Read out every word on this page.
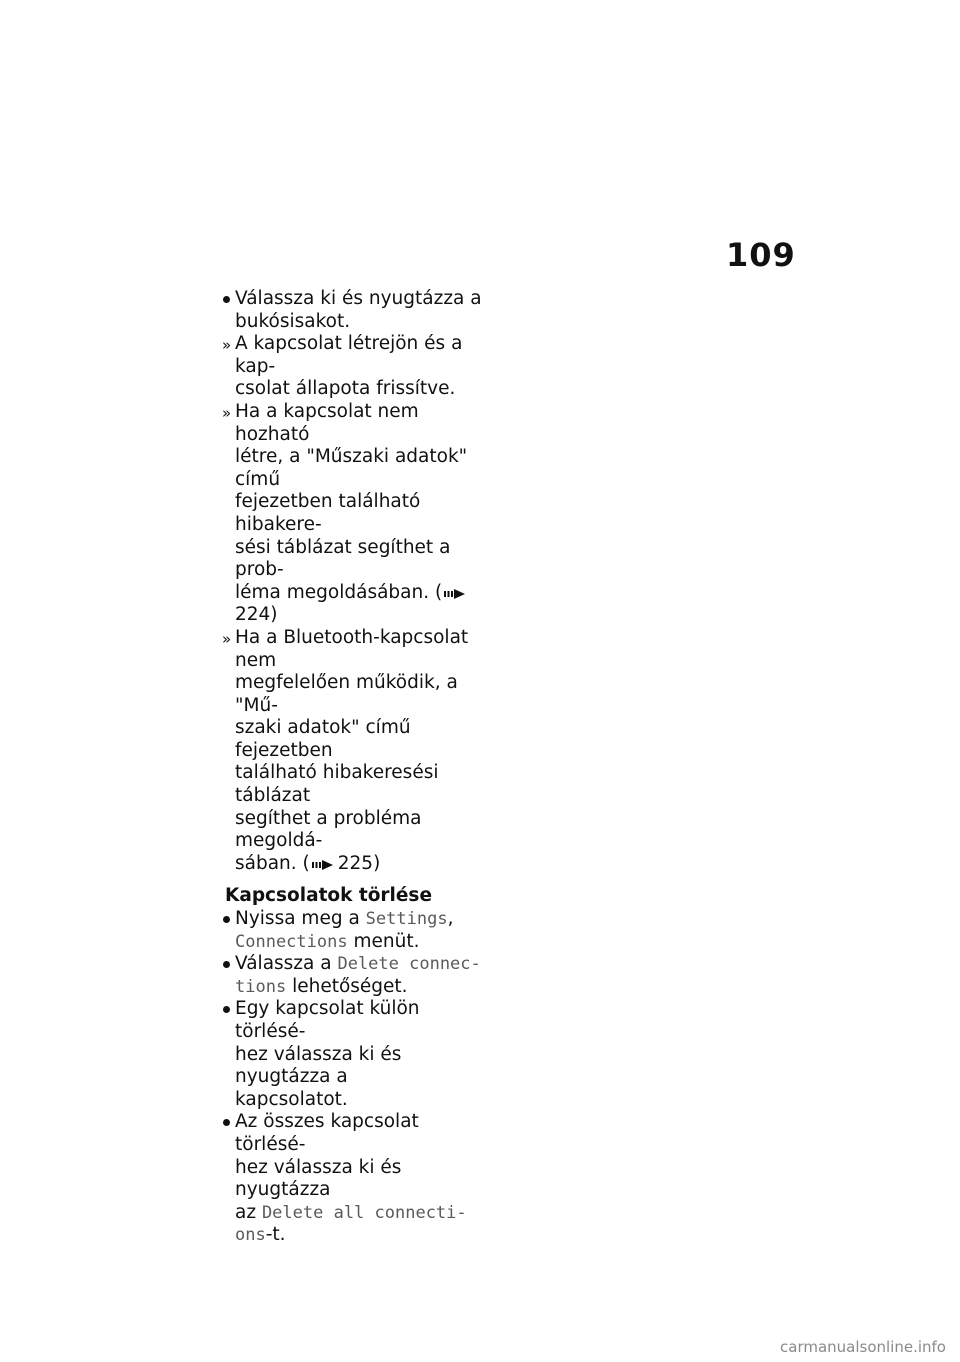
109
Válassza ki és nyugtázza a
bukósisakot.
» A kapcsolat létrejön és a kap-
csolat állapota frissítve.
» Ha a kapcsolat nem hozható
létre, a "Műszaki adatok" című
fejezetben található hibakere-
sési táblázat segíthet a prob-
léma megoldásában. (224)
» Ha a Bluetooth-kapcsolat nem
megfelelően működik, a "Mű-
szaki adatok" című fejezetben
található hibakeresési táblázat
segíthet a probléma megoldá-
sában. ( 225)
Kapcsolatok törlése
Nyissa meg a Settings,
Connections menüt.
Válassza a Delete connec-
tions lehetőséget.
Egy kapcsolat külön törlésé-
hez válassza ki és nyugtázza a
kapcsolatot.
Az összes kapcsolat törlésé-
hez válassza ki és nyugtázza
az Delete all connecti-
ons-t.
carmanualsonline.info
